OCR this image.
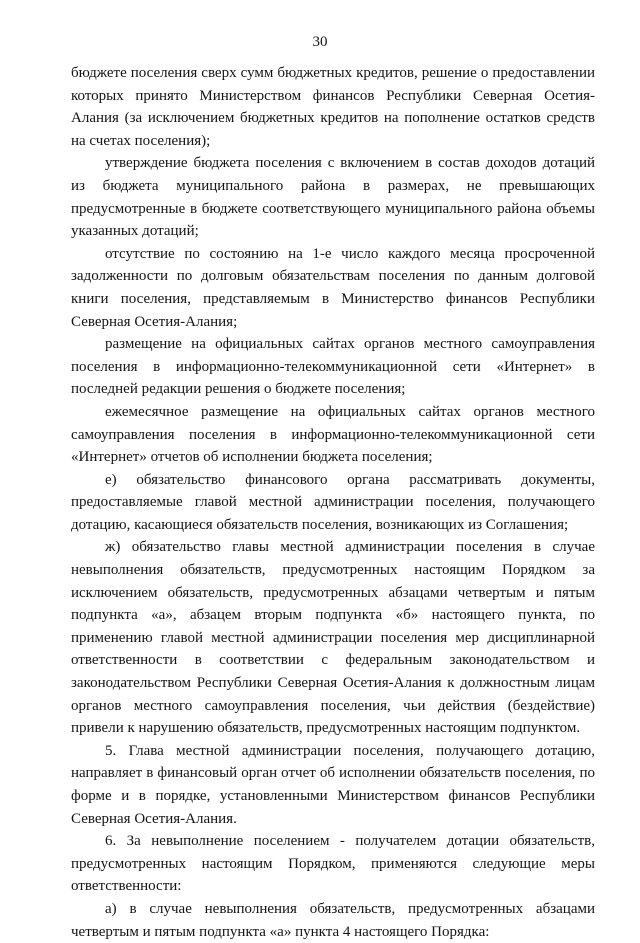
30

бюджете поселения сверх сумм бюджетных кредитов, решение о предоставлении которых принято Министерством финансов Республики Северная Осетия-Алания (за исключением бюджетных кредитов на пополнение остатков средств на счетах поселения);

утверждение бюджета поселения с включением в состав доходов дотаций из бюджета муниципального района в размерах, не превышающих предусмотренные в бюджете соответствующего муниципального района объемы указанных дотаций;

отсутствие по состоянию на 1-е число каждого месяца просроченной задолженности по долговым обязательствам поселения по данным долговой книги поселения, представляемым в Министерство финансов Республики Северная Осетия-Алания;

размещение на официальных сайтах органов местного самоуправления поселения в информационно-телекоммуникационной сети «Интернет» в последней редакции решения о бюджете поселения;

ежемесячное размещение на официальных сайтах органов местного самоуправления поселения в информационно-телекоммуникационной сети «Интернет» отчетов об исполнении бюджета поселения;

е) обязательство финансового органа рассматривать документы, предоставляемые главой местной администрации поселения, получающего дотацию, касающиеся обязательств поселения, возникающих из Соглашения;

ж) обязательство главы местной администрации поселения в случае невыполнения обязательств, предусмотренных настоящим Порядком за исключением обязательств, предусмотренных абзацами четвертым и пятым подпункта «а», абзацем вторым подпункта «б» настоящего пункта, по применению главой местной администрации поселения мер дисциплинарной ответственности в соответствии с федеральным законодательством и законодательством Республики Северная Осетия-Алания к должностным лицам органов местного самоуправления поселения, чьи действия (бездействие) привели к нарушению обязательств, предусмотренных настоящим подпунктом.

5. Глава местной администрации поселения, получающего дотацию, направляет в финансовый орган отчет об исполнении обязательств поселения, по форме и в порядке, установленными Министерством финансов Республики Северная Осетия-Алания.

6. За невыполнение поселением - получателем дотации обязательств, предусмотренных настоящим Порядком, применяются следующие меры ответственности:

а) в случае невыполнения обязательств, предусмотренных абзацами четвертым и пятым подпункта «а» пункта 4 настоящего Порядка:
